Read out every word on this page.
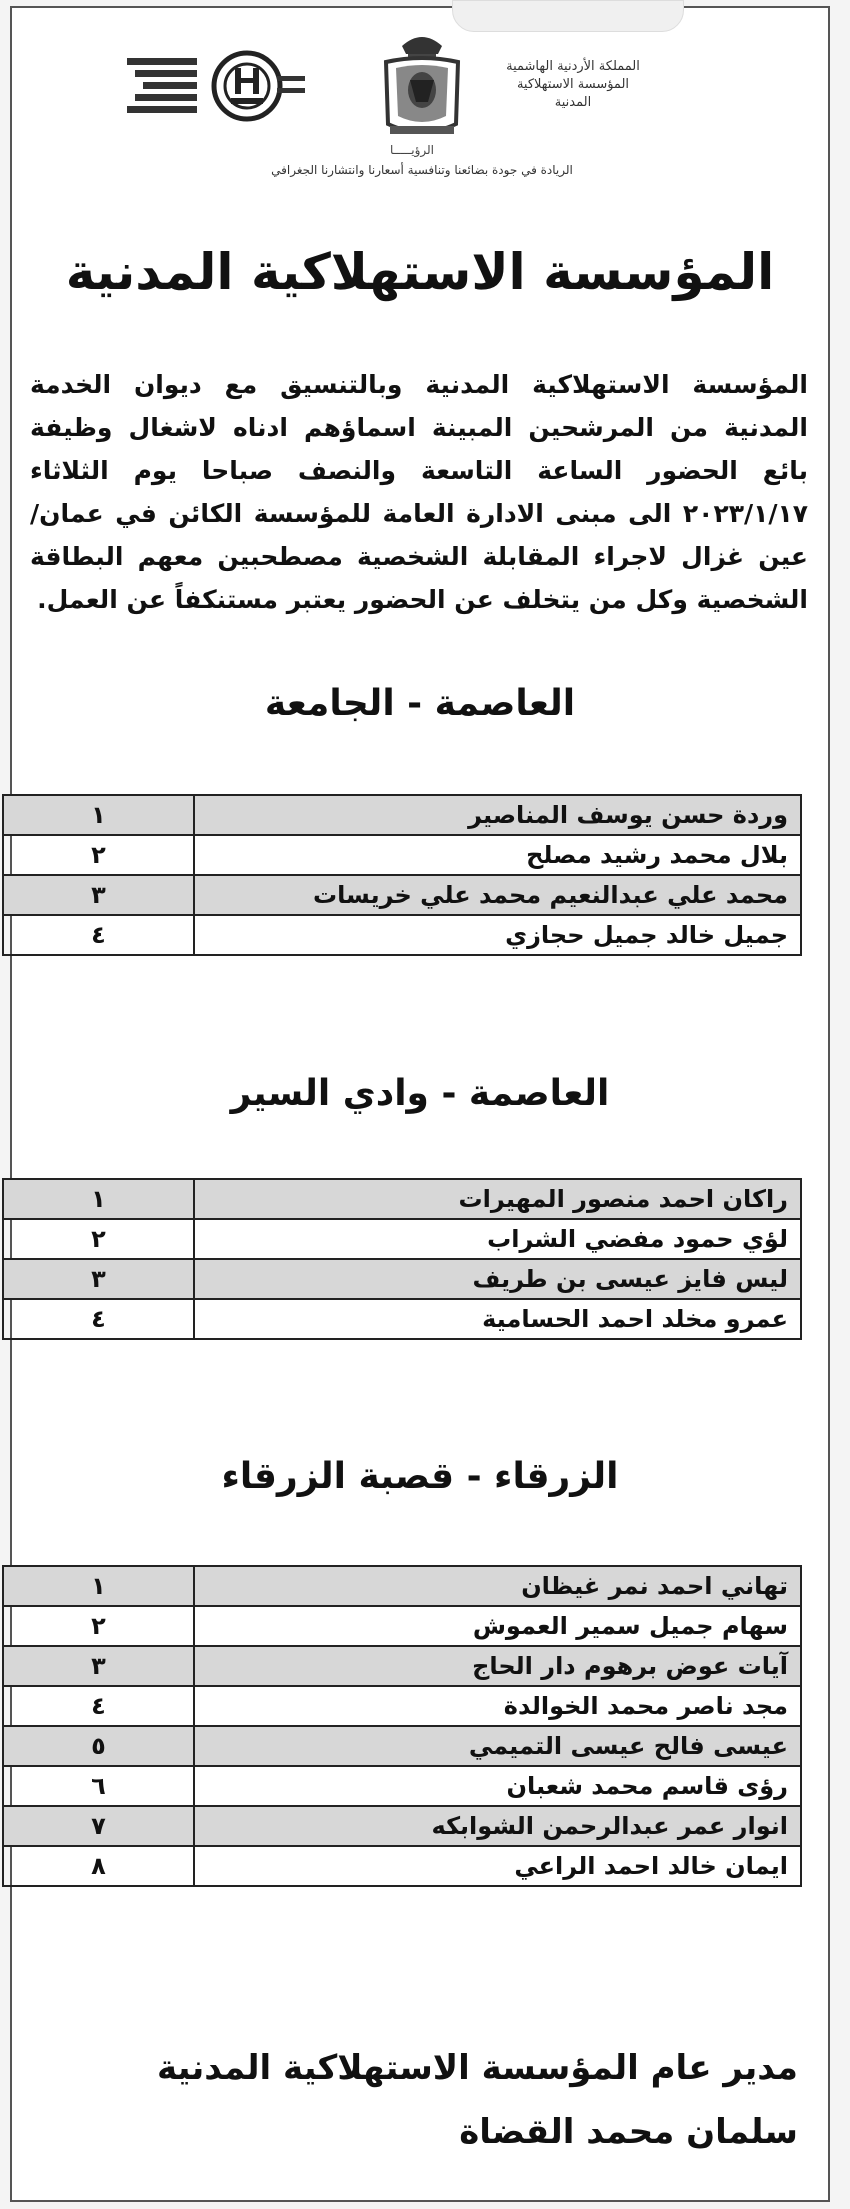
المملكة الأردنية الهاشمية
المؤسسة الاستهلاكية المدنية
الرؤيـــــا
الريادة في جودة بضائعنا وتنافسية أسعارنا وانتشارنا الجغرافي
المؤسسة الاستهلاكية المدنية
المؤسسة الاستهلاكية المدنية وبالتنسيق مع ديوان الخدمة المدنية من المرشحين المبينة اسماؤهم ادناه لاشغال وظيفة بائع الحضور الساعة التاسعة والنصف صباحا يوم الثلاثاء ٢٠٢٣/١/١٧ الى مبنى الادارة العامة للمؤسسة الكائن في عمان/ عين غزال لاجراء المقابلة الشخصية مصطحبين معهم البطاقة الشخصية وكل من يتخلف عن الحضور يعتبر مستنكفاً عن العمل.
العاصمة - الجامعة
وردة حسن يوسف المناصير	١
بلال محمد رشيد مصلح	٢
محمد علي عبدالنعيم محمد علي خريسات	٣
جميل خالد جميل حجازي	٤
العاصمة - وادي السير
راكان احمد منصور المهيرات	١
لؤي حمود مفضي الشراب	٢
ليس فايز عيسى بن طريف	٣
عمرو مخلد احمد الحسامية	٤
الزرقاء - قصبة الزرقاء
تهاني احمد نمر غيظان	١
سهام جميل سمير العموش	٢
آيات عوض برهوم دار الحاج	٣
مجد ناصر محمد الخوالدة	٤
عيسى فالح عيسى التميمي	٥
رؤى قاسم محمد شعبان	٦
انوار عمر عبدالرحمن الشوابكه	٧
ايمان خالد احمد الراعي	٨
مدير عام المؤسسة الاستهلاكية المدنية
سلمان محمد القضاة
